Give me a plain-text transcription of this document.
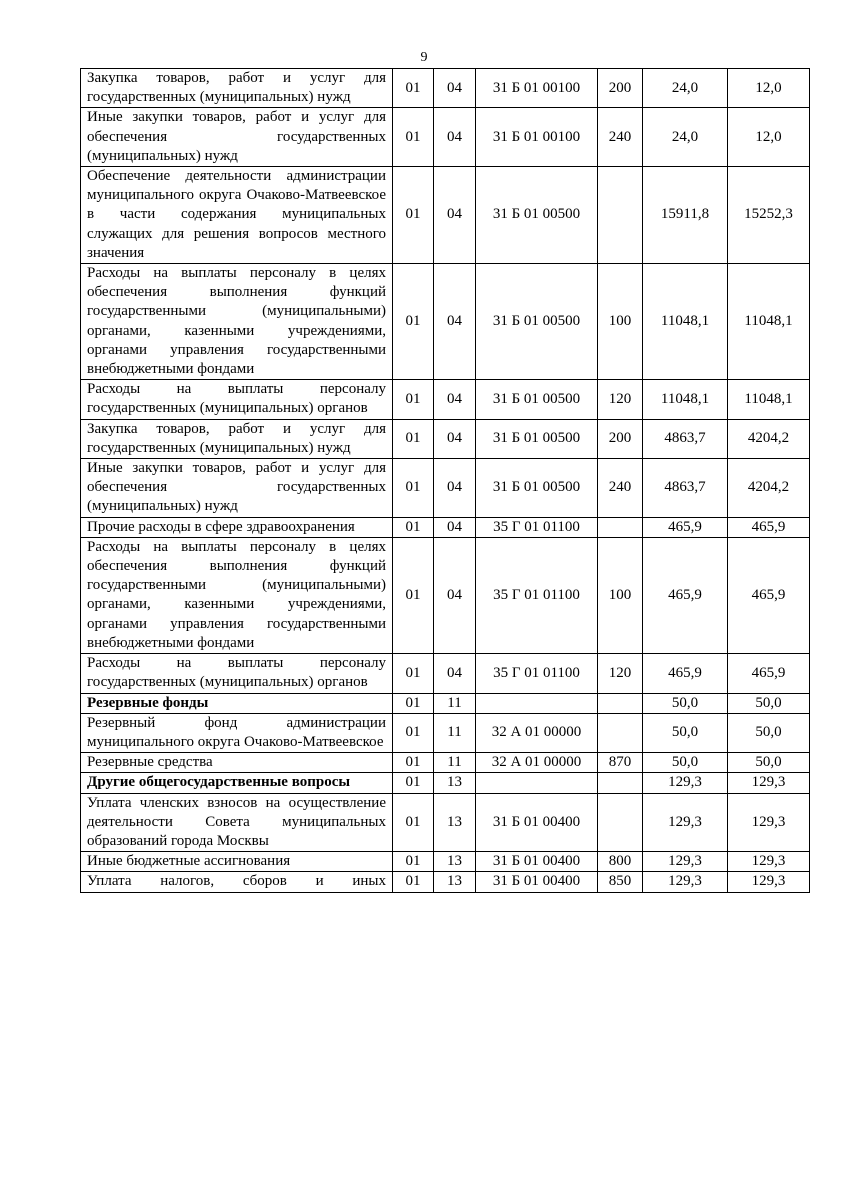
9
Закупка товаров, работ и услуг для государственных (муниципальных) нужд	01	04	31 Б 01 00100	200	24,0	12,0
Иные закупки товаров, работ и услуг для обеспечения государственных (муниципальных) нужд	01	04	31 Б 01 00100	240	24,0	12,0
Обеспечение деятельности администрации муниципального округа Очаково-Матвеевское в части содержания муниципальных служащих для решения вопросов местного значения	01	04	31 Б 01 00500		15911,8	15252,3
Расходы на выплаты персоналу в целях обеспечения выполнения функций государственными (муниципальными) органами, казенными учреждениями, органами управления государственными внебюджетными фондами	01	04	31 Б 01 00500	100	11048,1	11048,1
Расходы на выплаты персоналу государственных (муниципальных) органов	01	04	31 Б 01 00500	120	11048,1	11048,1
Закупка товаров, работ и услуг для государственных (муниципальных) нужд	01	04	31 Б 01 00500	200	4863,7	4204,2
Иные закупки товаров, работ и услуг для обеспечения государственных (муниципальных) нужд	01	04	31 Б 01 00500	240	4863,7	4204,2
Прочие расходы в сфере здравоохранения	01	04	35 Г 01 01100		465,9	465,9
Расходы на выплаты персоналу в целях обеспечения выполнения функций государственными (муниципальными) органами, казенными учреждениями, органами управления государственными внебюджетными фондами	01	04	35 Г 01 01100	100	465,9	465,9
Расходы на выплаты персоналу государственных (муниципальных) органов	01	04	35 Г 01 01100	120	465,9	465,9
Резервные фонды	01	11			50,0	50,0
Резервный фонд администрации муниципального округа Очаково-Матвеевское	01	11	32 А 01 00000		50,0	50,0
Резервные средства	01	11	32 А 01 00000	870	50,0	50,0
Другие общегосударственные вопросы	01	13			129,3	129,3
Уплата членских взносов на осуществление деятельности Совета муниципальных образований города Москвы	01	13	31 Б 01 00400		129,3	129,3
Иные бюджетные ассигнования	01	13	31 Б 01 00400	800	129,3	129,3
Уплата налогов, сборов и иных	01	13	31 Б 01 00400	850	129,3	129,3
